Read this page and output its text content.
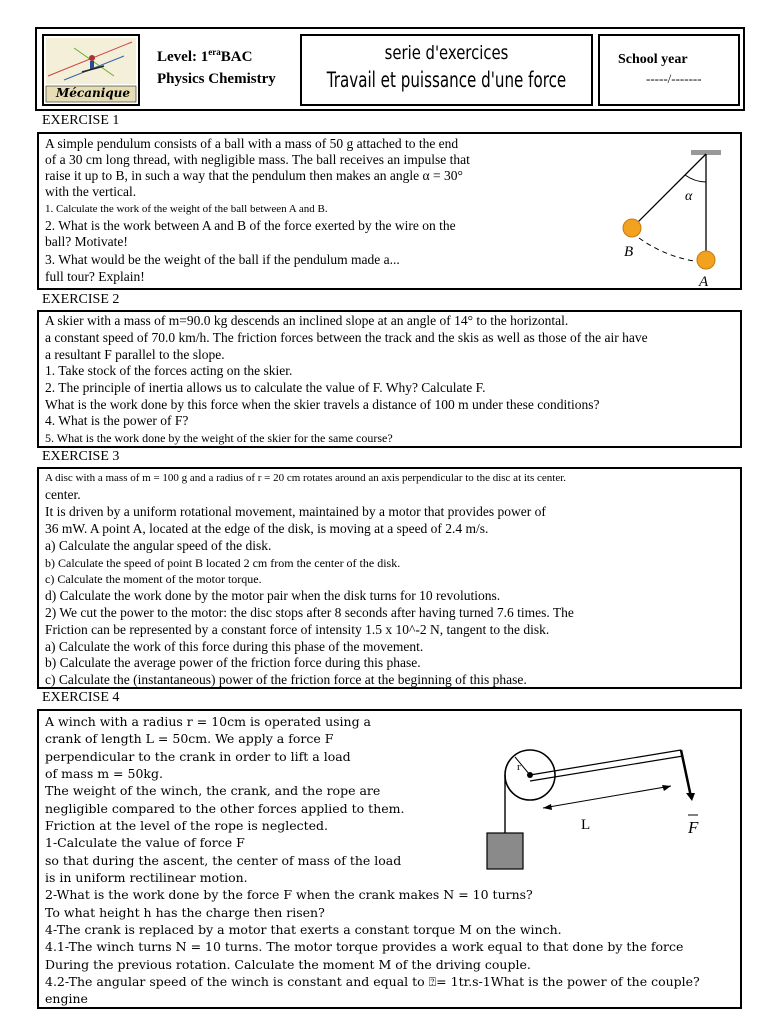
Mécanique
Level: $1^{era}BAC$
Physics Chemistry
serie d'exercices
Travail et puissance d'une force
School year
-----/-------
EXERCISE 1
A simple pendulum consists of a ball with a mass of 50 g attached to the end
of a 30 cm long thread, with negligible mass. The ball receives an impulse that
raise it up to B, in such a way that the pendulum then makes an angle α = 30°
with the vertical.
1. Calculate the work of the weight of the ball between A and B.
2. What is the work between A and B of the force exerted by the wire on the
ball? Motivate!
3. What would be the weight of the ball if the pendulum made a...
full tour? Explain!
α
B
A
EXERCISE 2
A skier with a mass of m=90.0 kg descends an inclined slope at an angle of 14° to the horizontal.
a constant speed of 70.0 km/h. The friction forces between the track and the skis as well as those of the air have
a resultant F parallel to the slope.
1. Take stock of the forces acting on the skier.
2. The principle of inertia allows us to calculate the value of F. Why? Calculate F.
What is the work done by this force when the skier travels a distance of 100 m under these conditions?
4. What is the power of F?
5. What is the work done by the weight of the skier for the same course?
EXERCISE 3
A disc with a mass of m = 100 g and a radius of r = 20 cm rotates around an axis perpendicular to the disc at its center.
center.
It is driven by a uniform rotational movement, maintained by a motor that provides power of
36 mW. A point A, located at the edge of the disk, is moving at a speed of 2.4 m/s.
a) Calculate the angular speed of the disk.
b) Calculate the speed of point B located 2 cm from the center of the disk.
c) Calculate the moment of the motor torque.
d) Calculate the work done by the motor pair when the disk turns for 10 revolutions.
2) We cut the power to the motor: the disc stops after 8 seconds after having turned 7.6 times. The
Friction can be represented by a constant force of intensity 1.5 x 10^-2 N, tangent to the disk.
a) Calculate the work of this force during this phase of the movement.
b) Calculate the average power of the friction force during this phase.
c) Calculate the (instantaneous) power of the friction force at the beginning of this phase.
EXERCISE 4
A winch with a radius r = 10cm is operated using a
crank of length L = 50cm. We apply a force F
perpendicular to the crank in order to lift a load
of mass m = 50kg.
The weight of the winch, the crank, and the rope are
negligible compared to the other forces applied to them.
Friction at the level of the rope is neglected.
1-Calculate the value of force F
so that during the ascent, the center of mass of the load
is in uniform rectilinear motion.
2-What is the work done by the force F when the crank makes N = 10 turns?
To what height h has the charge then risen?
4-The crank is replaced by a motor that exerts a constant torque M on the winch.
4.1-The winch turns N = 10 turns. The motor torque provides a work equal to that done by the force
During the previous rotation. Calculate the moment M of the driving couple.
4.2-The angular speed of the winch is constant and equal to ⍰= 1tr.s-1What is the power of the couple?
engine
r
L	F
